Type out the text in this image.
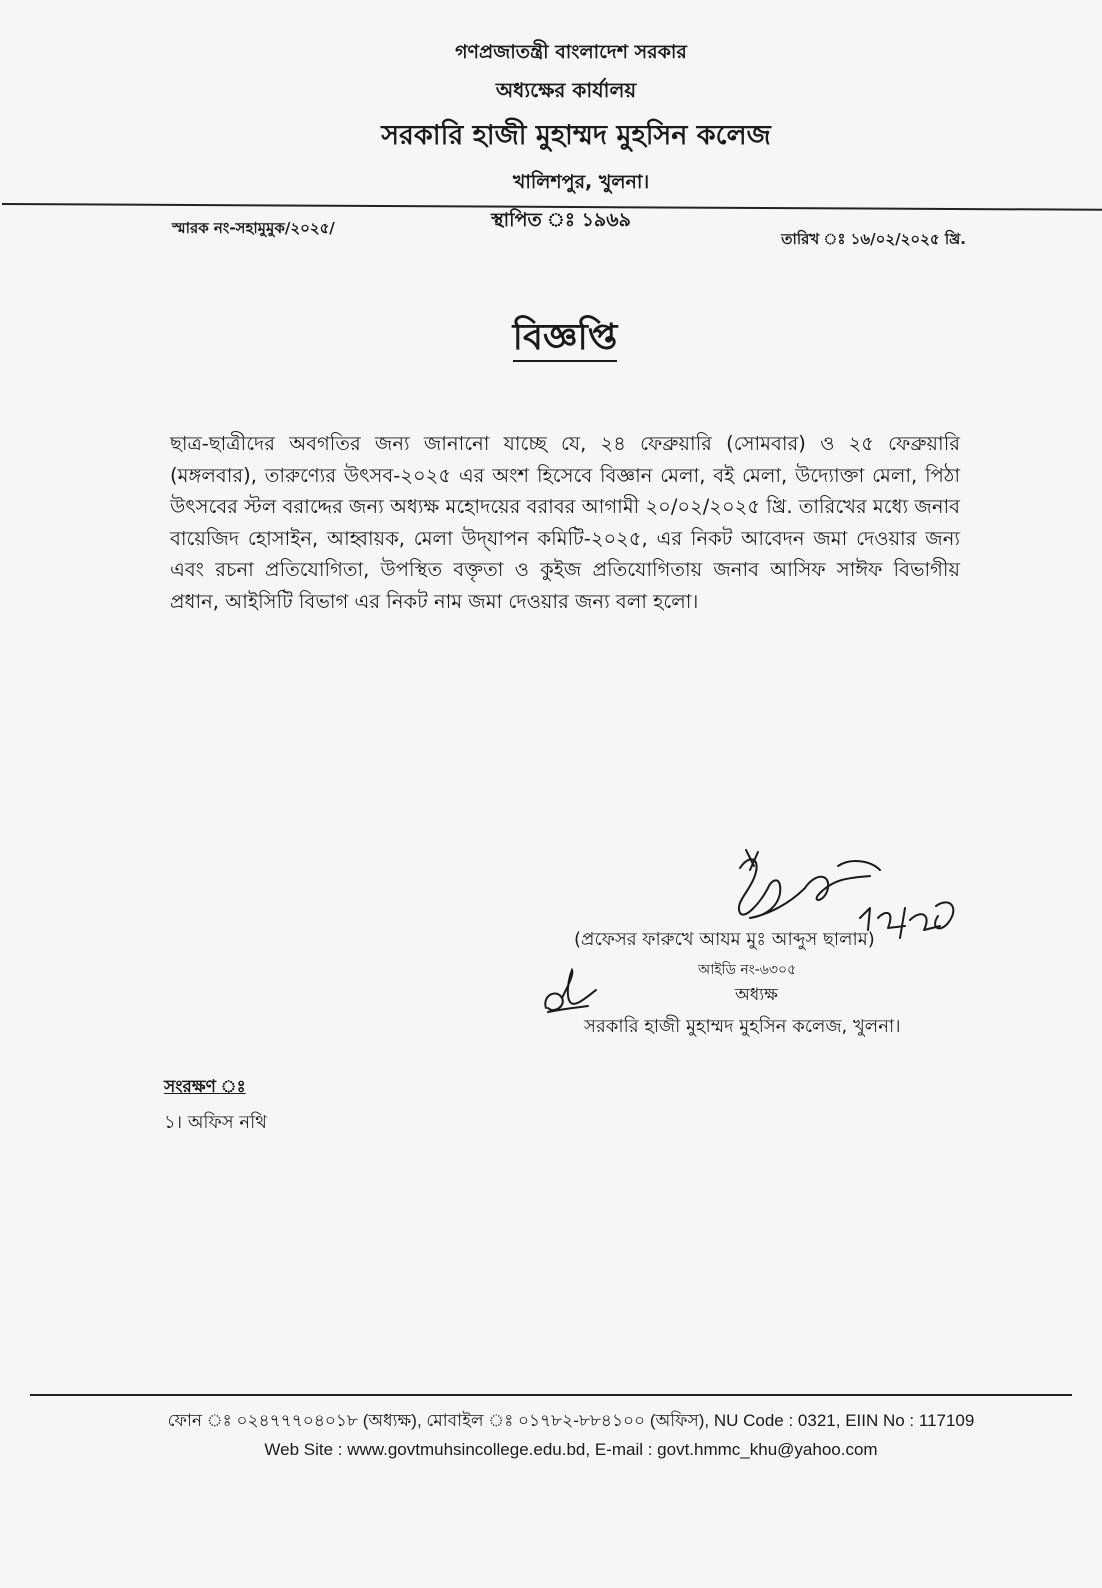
গণপ্রজাতন্ত্রী বাংলাদেশ সরকার
অধ্যক্ষের কার্যালয়
সরকারি হাজী মুহাম্মদ মুহসিন কলেজ
খালিশপুর, খুলনা।
স্থাপিত ঃ ১৯৬৯
স্মারক নং-সহামুমুক/২০২৫/
তারিখ ঃ ১৬/০২/২০২৫ খ্রি.
বিজ্ঞপ্তি
ছাত্র-ছাত্রীদের অবগতির জন্য জানানো যাচ্ছে যে, ২৪ ফেব্রুয়ারি (সোমবার) ও ২৫ ফেব্রুয়ারি (মঙ্গলবার), তারুণ্যের উৎসব-২০২৫ এর অংশ হিসেবে বিজ্ঞান মেলা, বই মেলা, উদ্যোক্তা মেলা, পিঠা উৎসবের স্টল বরাদ্দের জন্য অধ্যক্ষ মহোদয়ের বরাবর আগামী ২০/০২/২০২৫ খ্রি. তারিখের মধ্যে জনাব বায়েজিদ হোসাইন, আহ্বায়ক, মেলা উদ্‌যাপন কমিটি-২০২৫, এর নিকট আবেদন জমা দেওয়ার জন্য এবং রচনা প্রতিযোগিতা, উপস্থিত বক্তৃতা ও কুইজ প্রতিযোগিতায় জনাব আসিফ সাঈফ বিভাগীয় প্রধান, আইসিটি বিভাগ এর নিকট নাম জমা দেওয়ার জন্য বলা হলো।
(প্রফেসর ফারুখে আযম মুঃ আব্দুস ছালাম)
আইডি নং-৬৩০৫
অধ্যক্ষ
সরকারি হাজী মুহাম্মদ মুহসিন কলেজ, খুলনা।
সংরক্ষণ ঃ
১। অফিস নথি
ফোন ঃ ০২৪৭৭৭০৪০১৮ (অধ্যক্ষ), মোবাইল ঃ ০১৭৮২-৮৮৪১০০ (অফিস), NU Code : 0321, EIIN No : 117109
Web Site : www.govtmuhsincollege.edu.bd, E-mail : govt.hmmc_khu@yahoo.com
